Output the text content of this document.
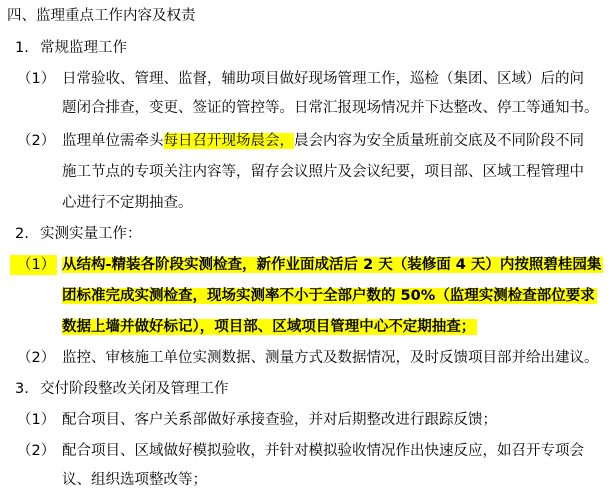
四、监理重点工作内容及权责
1. 常规监理工作
（1） 日常验收、管理、监督，辅助项目做好现场管理工作，巡检（集团、区域）后的问
题闭合排查，变更、签证的管控等。日常汇报现场情况并下达整改、停工等通知书。
（2） 监理单位需牵头每日召开现场晨会，晨会内容为安全质量班前交底及不同阶段不同
施工节点的专项关注内容等，留存会议照片及会议纪要，项目部、区域工程管理中
心进行不定期抽查。
2. 实测实量工作：
（1） 从结构-精装各阶段实测检查，新作业面成活后 2 天（装修面 4 天）内按照碧桂园集
团标准完成实测检查，现场实测率不小于全部户数的 50%（监理实测检查部位要求
数据上墙并做好标记），项目部、区域项目管理中心不定期抽查；
（2） 监控、审核施工单位实测数据、测量方式及数据情况，及时反馈项目部并给出建议。
3. 交付阶段整改关闭及管理工作
（1） 配合项目、客户关系部做好承接查验，并对后期整改进行跟踪反馈；
（2） 配合项目、区域做好模拟验收，并针对模拟验收情况作出快速反应，如召开专项会
议、组织选项整改等；
